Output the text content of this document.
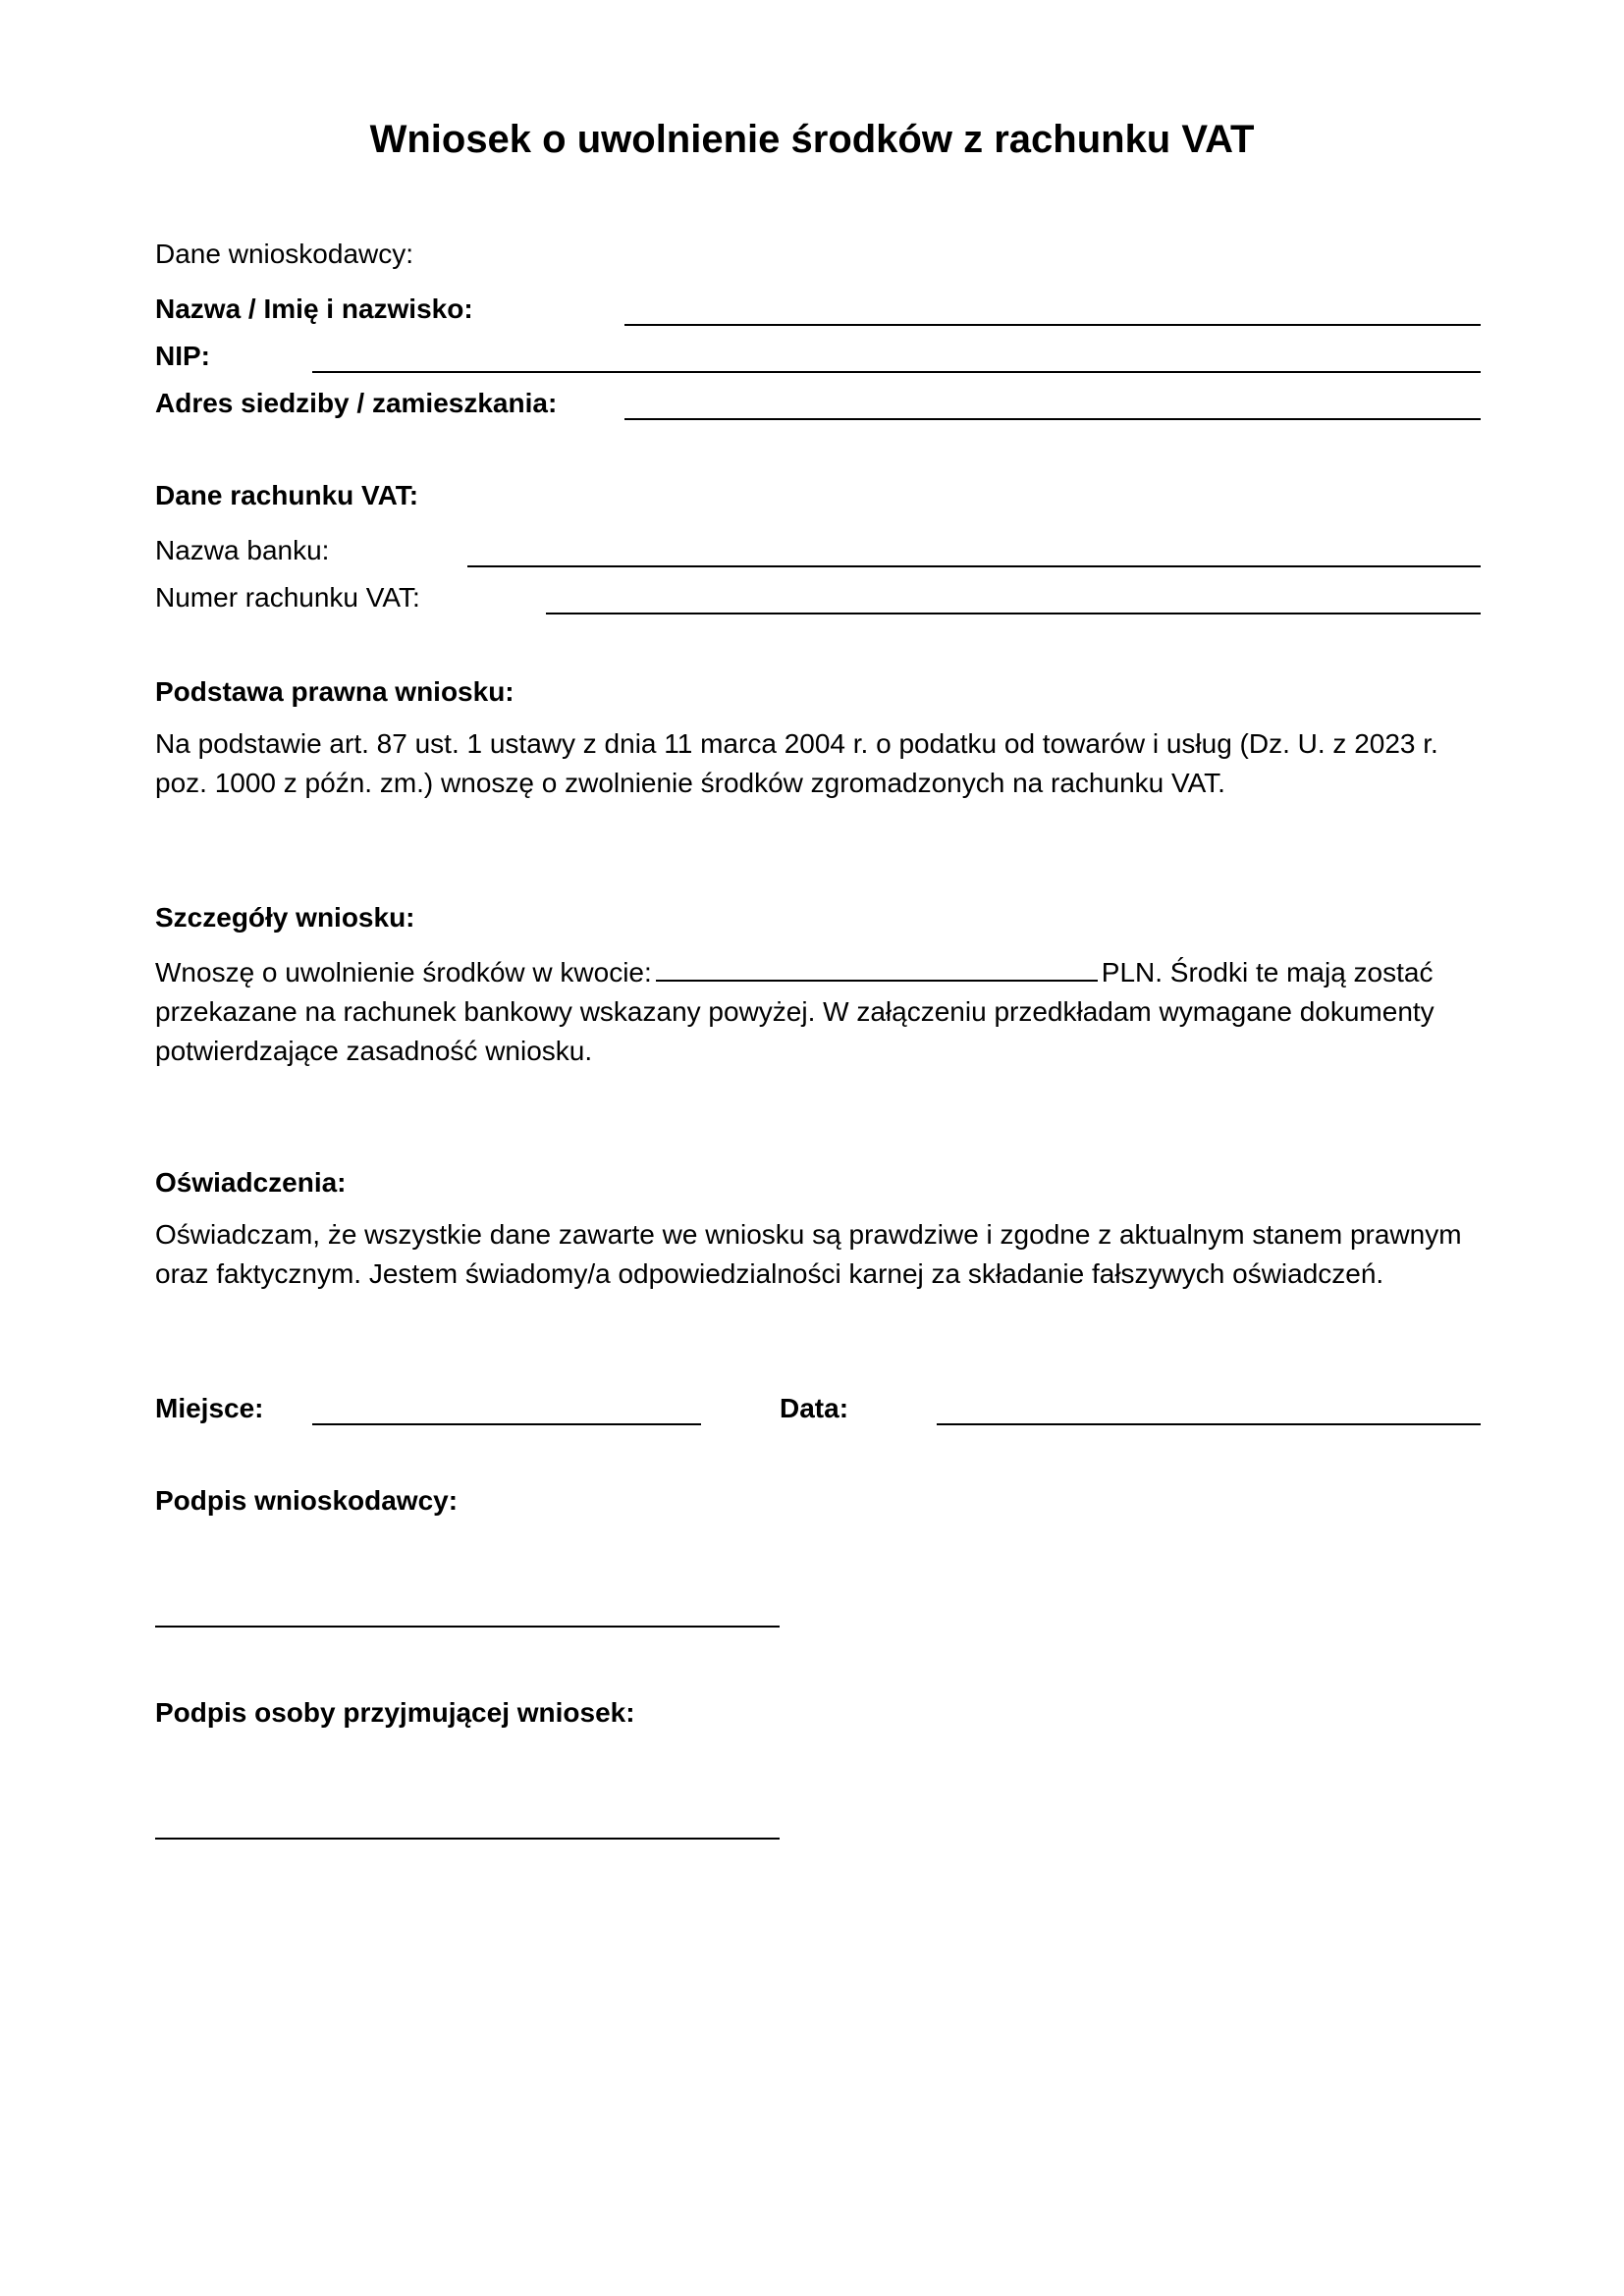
Wniosek o uwolnienie środków z rachunku VAT
Dane wnioskodawcy:
Nazwa / Imię i nazwisko:
NIP:
Adres siedziby / zamieszkania:
Dane rachunku VAT:
Nazwa banku:
Numer rachunku VAT:
Podstawa prawna wniosku:

Na podstawie art. 87 ust. 1 ustawy z dnia 11 marca 2004 r. o podatku od towarów i usług (Dz. U. z 2023 r. poz. 1000 z późn. zm.) wnoszę o zwolnienie środków zgromadzonych na rachunku VAT.

Szczegóły wniosku:

Wnoszę o uwolnienie środków w kwocie:	PLN. Środki te mają zostać przekazane na rachunek bankowy wskazany powyżej. W załączeniu przedkładam wymagane dokumenty potwierdzające zasadność wniosku.

Oświadczenia:

Oświadczam, że wszystkie dane zawarte we wniosku są prawdziwe i zgodne z aktualnym stanem prawnym oraz faktycznym. Jestem świadomy/a odpowiedzialności karnej za składanie fałszywych oświadczeń.

Miejsce:	Data:
Podpis wnioskodawcy:
Podpis osoby przyjmującej wniosek:
